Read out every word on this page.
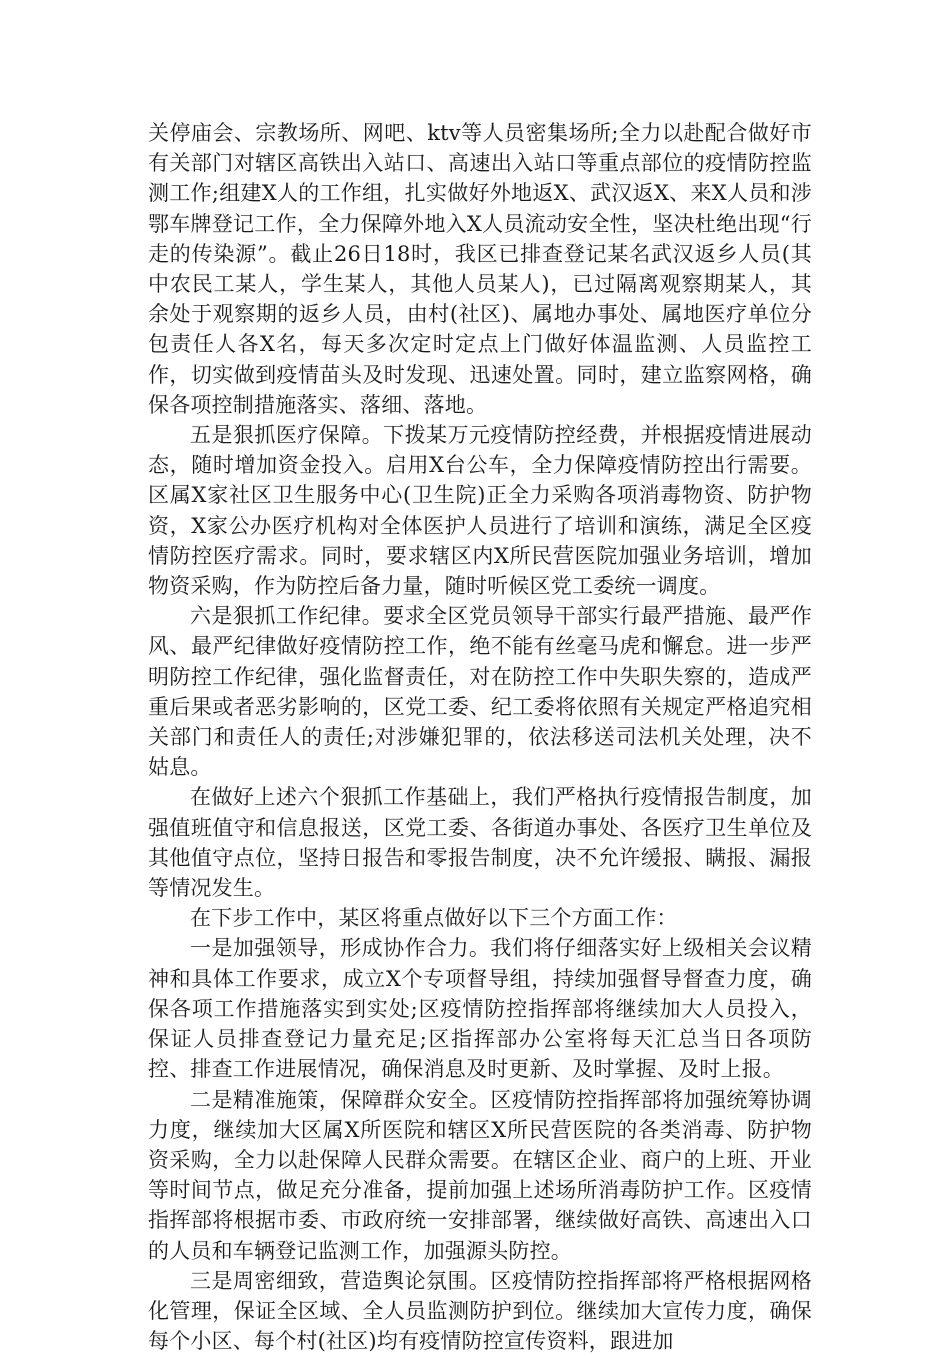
关停庙会、宗教场所、网吧、ktv等人员密集场所;全力以赴配合做好市有关部门对辖区高铁出入站口、高速出入站口等重点部位的疫情防控监测工作;组建X人的工作组，扎实做好外地返X、武汉返X、来X人员和涉鄂车牌登记工作，全力保障外地入X人员流动安全性，坚决杜绝出现“行走的传染源”。截止26日18时，我区已排查登记某名武汉返乡人员(其中农民工某人，学生某人，其他人员某人)，已过隔离观察期某人，其余处于观察期的返乡人员，由村(社区)、属地办事处、属地医疗单位分包责任人各X名，每天多次定时定点上门做好体温监测、人员监控工作，切实做到疫情苗头及时发现、迅速处置。同时，建立监察网格，确保各项控制措施落实、落细、落地。

五是狠抓医疗保障。下拨某万元疫情防控经费，并根据疫情进展动态，随时增加资金投入。启用X台公车，全力保障疫情防控出行需要。区属X家社区卫生服务中心(卫生院)正全力采购各项消毒物资、防护物资，X家公办医疗机构对全体医护人员进行了培训和演练，满足全区疫情防控医疗需求。同时，要求辖区内X所民营医院加强业务培训，增加物资采购，作为防控后备力量，随时听候区党工委统一调度。

六是狠抓工作纪律。要求全区党员领导干部实行最严措施、最严作风、最严纪律做好疫情防控工作，绝不能有丝毫马虎和懈怠。进一步严明防控工作纪律，强化监督责任，对在防控工作中失职失察的，造成严重后果或者恶劣影响的，区党工委、纪工委将依照有关规定严格追究相关部门和责任人的责任;对涉嫌犯罪的，依法移送司法机关处理，决不姑息。

在做好上述六个狠抓工作基础上，我们严格执行疫情报告制度，加强值班值守和信息报送，区党工委、各街道办事处、各医疗卫生单位及其他值守点位，坚持日报告和零报告制度，决不允许缓报、瞒报、漏报等情况发生。

在下步工作中，某区将重点做好以下三个方面工作：

一是加强领导，形成协作合力。我们将仔细落实好上级相关会议精神和具体工作要求，成立X个专项督导组，持续加强督导督查力度，确保各项工作措施落实到实处;区疫情防控指挥部将继续加大人员投入，保证人员排查登记力量充足;区指挥部办公室将每天汇总当日各项防控、排查工作进展情况，确保消息及时更新、及时掌握、及时上报。

二是精准施策，保障群众安全。区疫情防控指挥部将加强统筹协调力度，继续加大区属X所医院和辖区X所民营医院的各类消毒、防护物资采购，全力以赴保障人民群众需要。在辖区企业、商户的上班、开业等时间节点，做足充分准备，提前加强上述场所消毒防护工作。区疫情指挥部将根据市委、市政府统一安排部署，继续做好高铁、高速出入口的人员和车辆登记监测工作，加强源头防控。

三是周密细致，营造舆论氛围。区疫情防控指挥部将严格根据网格化管理，保证全区域、全人员监测防护到位。继续加大宣传力度，确保每个小区、每个村(社区)均有疫情防控宣传资料，跟进加
